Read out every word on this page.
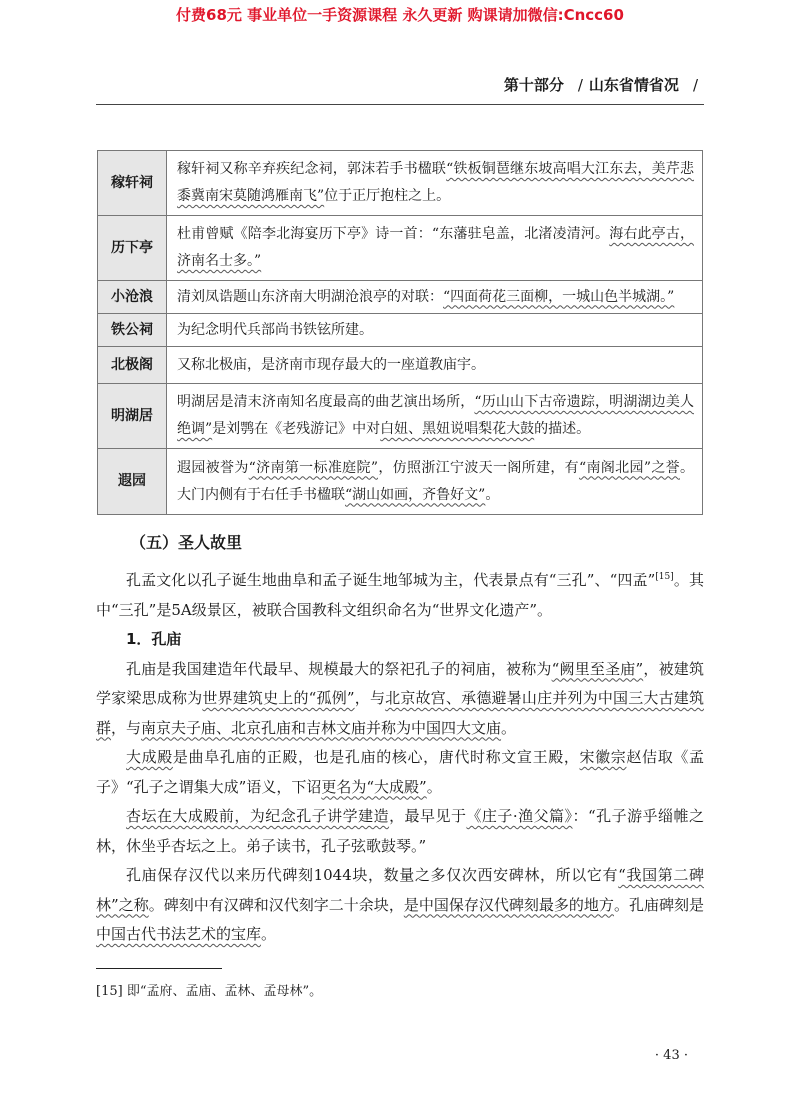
付费68元 事业单位一手资源课程 永久更新 购课请加微信:Cncc60
第十部分 / 山东省情省况 /
稼轩祠	稼轩祠又称辛弃疾纪念祠，郭沫若手书楹联“铁板铜琶继东坡高唱大江东去，美芹悲黍冀南宋莫随鸿雁南飞”位于正厅抱柱之上。
历下亭	杜甫曾赋《陪李北海宴历下亭》诗一首：“东藩驻皂盖，北渚凌清河。海右此亭古，济南名士多。”
小沧浪	清刘凤诰题山东济南大明湖沧浪亭的对联：“四面荷花三面柳，一城山色半城湖。”
铁公祠	为纪念明代兵部尚书铁铉所建。
北极阁	又称北极庙，是济南市现存最大的一座道教庙宇。
明湖居	明湖居是清末济南知名度最高的曲艺演出场所，“历山山下古帝遗踪，明湖湖边美人绝调”是刘鹗在《老残游记》中对白妞、黑妞说唱梨花大鼓的描述。
遐园	遐园被誉为“济南第一标准庭院”，仿照浙江宁波天一阁所建，有“南阁北园”之誉。大门内侧有于右任手书楹联“湖山如画，齐鲁好文”。
（五）圣人故里

孔孟文化以孔子诞生地曲阜和孟子诞生地邹城为主，代表景点有“三孔”、“四孟”[15]。其中“三孔”是5A级景区，被联合国教科文组织命名为“世界文化遗产”。

1．孔庙

孔庙是我国建造年代最早、规模最大的祭祀孔子的祠庙，被称为“阙里至圣庙”，被建筑学家梁思成称为世界建筑史上的“孤例”，与北京故宫、承德避暑山庄并列为中国三大古建筑群，与南京夫子庙、北京孔庙和吉林文庙并称为中国四大文庙。

大成殿是曲阜孔庙的正殿，也是孔庙的核心，唐代时称文宣王殿，宋徽宗赵佶取《孟子》“孔子之谓集大成”语义，下诏更名为“大成殿”。

杏坛在大成殿前，为纪念孔子讲学建造，最早见于《庄子·渔父篇》：“孔子游乎缁帷之林，休坐乎杏坛之上。弟子读书，孔子弦歌鼓琴。”

孔庙保存汉代以来历代碑刻1044块，数量之多仅次西安碑林，所以它有“我国第二碑林”之称。碑刻中有汉碑和汉代刻字二十余块，是中国保存汉代碑刻最多的地方。孔庙碑刻是中国古代书法艺术的宝库。

[15] 即“孟府、孟庙、孟林、孟母林”。
· 43 ·
